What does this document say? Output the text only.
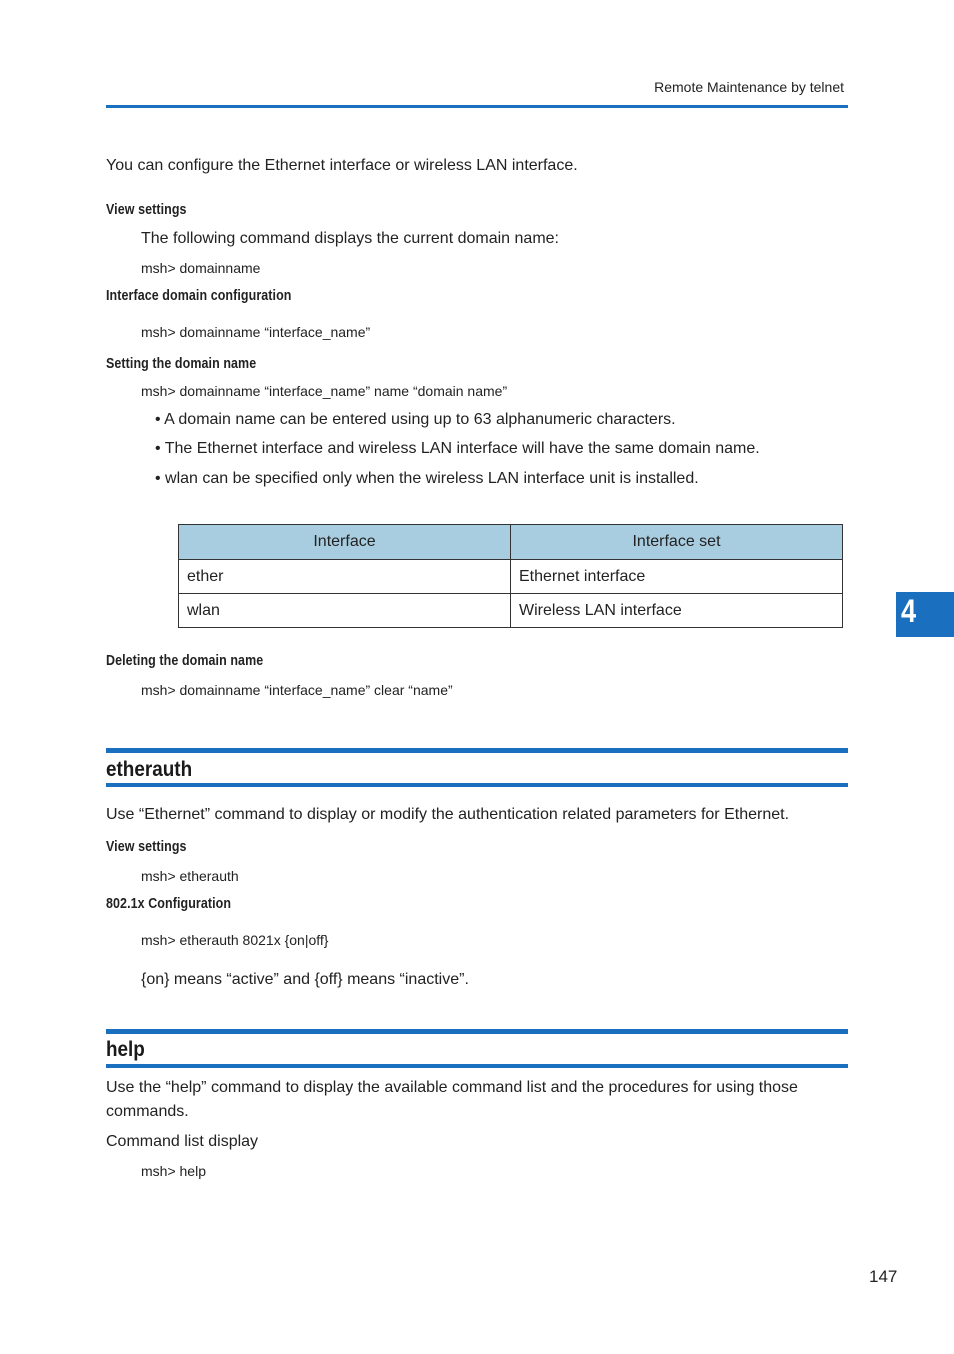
Remote Maintenance by telnet
You can configure the Ethernet interface or wireless LAN interface.
View settings
The following command displays the current domain name:
msh> domainname
Interface domain configuration
msh> domainname “interface_name”
Setting the domain name
msh> domainname “interface_name” name “domain name”
• A domain name can be entered using up to 63 alphanumeric characters.
• The Ethernet interface and wireless LAN interface will have the same domain name.
• wlan can be specified only when the wireless LAN interface unit is installed.
Interface	Interface set
ether	Ethernet interface
wlan	Wireless LAN interface	4
Deleting the domain name
msh> domainname “interface_name” clear “name”
etherauth
Use “Ethernet” command to display or modify the authentication related parameters for Ethernet.
View settings
msh> etherauth
802.1x Configuration
msh> etherauth 8021x {on|off}
{on} means “active” and {off} means “inactive”.
help
Use the “help” command to display the available command list and the procedures for using those
commands.
Command list display
msh> help
147
